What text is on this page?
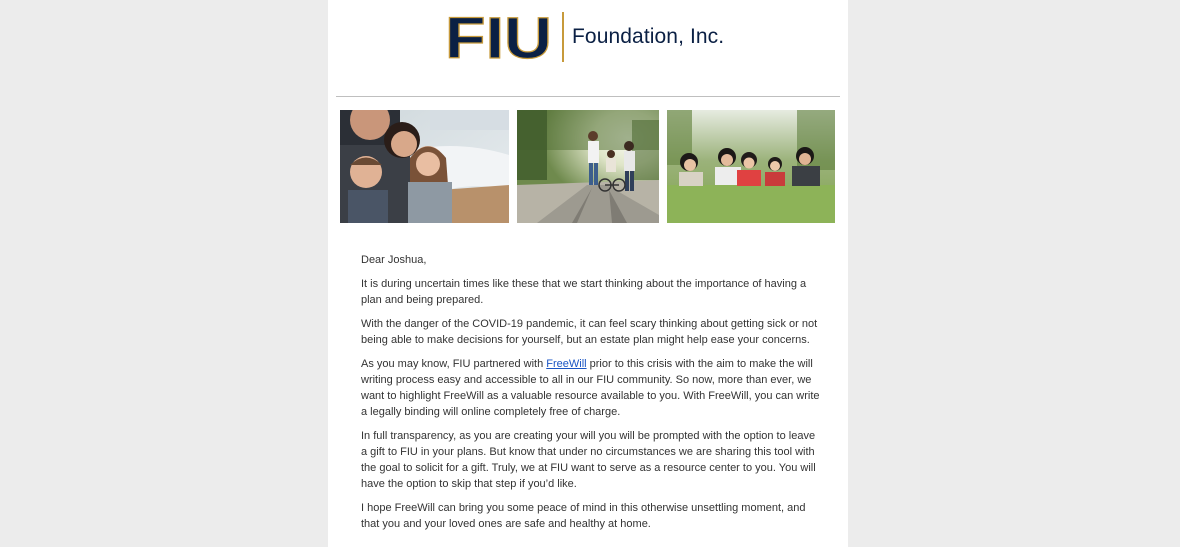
FIU Foundation, Inc.

Dear Joshua,

It is during uncertain times like these that we start thinking about the importance of having a plan and being prepared.

With the danger of the COVID-19 pandemic, it can feel scary thinking about getting sick or not being able to make decisions for yourself, but an estate plan might help ease your concerns.

As you may know, FIU partnered with FreeWill prior to this crisis with the aim to make the will writing process easy and accessible to all in our FIU community. So now, more than ever, we want to highlight FreeWill as a valuable resource available to you. With FreeWill, you can write a legally binding will online completely free of charge.

In full transparency, as you are creating your will you will be prompted with the option to leave a gift to FIU in your plans. But know that under no circumstances we are sharing this tool with the goal to solicit for a gift. Truly, we at FIU want to serve as a resource center to you. You will have the option to skip that step if you’d like.

I hope FreeWill can bring you some peace of mind in this otherwise unsettling moment, and that you and your loved ones are safe and healthy at home.
